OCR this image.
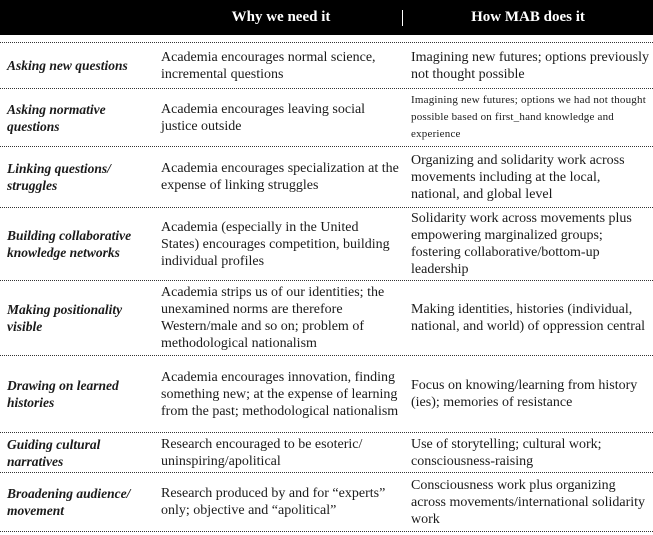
Why we need it	How MAB does it
Asking new questions
Academia encourages normal science, incremental questions
Imagining new futures; options previously not thought possible
Asking normative questions
Academia encourages leaving social justice outside
Imagining new futures; options we had not thought possible based on first_hand knowledge and experience
Linking questions/ struggles
Academia encourages specialization at the expense of linking struggles
Organizing and solidarity work across movements including at the local, national, and global level
Building collaborative knowledge networks
Academia (especially in the United States) encourages competition, building individual profiles
Solidarity work across movements plus empowering marginalized groups; fostering collaborative/bottom-up leadership
Making positionality visible
Academia strips us of our identities; the unexamined norms are therefore Western/male and so on; problem of methodological nationalism
Making identities, histories (individual, national, and world) of oppression central
Drawing on learned histories
Academia encourages innovation, finding something new; at the expense of learning from the past; methodological nationalism
Focus on knowing/learning from history (ies); memories of resistance
Guiding cultural narratives
Research encouraged to be esoteric/ uninspiring/apolitical
Use of storytelling; cultural work; consciousness-raising
Broadening audience/ movement
Research produced by and for “experts” only; objective and “apolitical”
Consciousness work plus organizing across movements/international solidarity work
